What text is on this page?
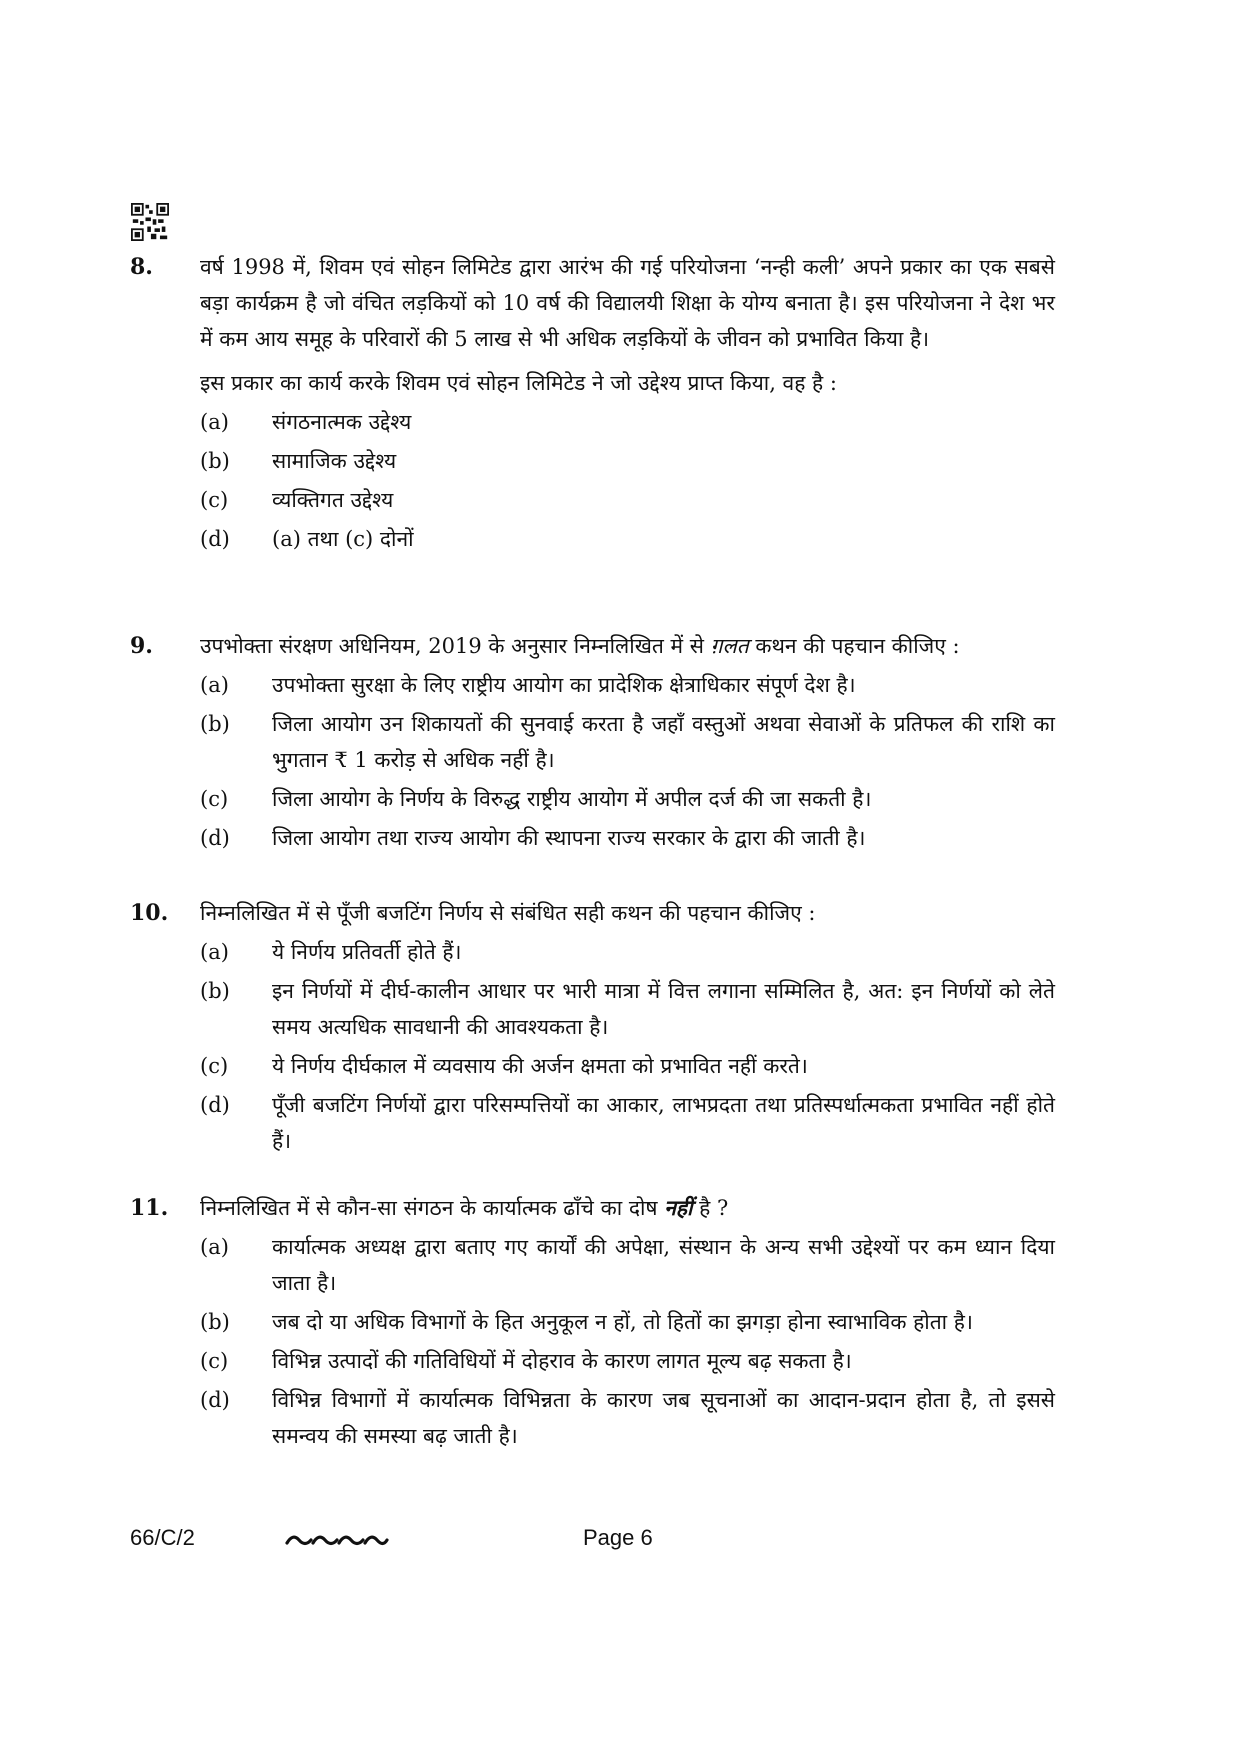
8. वर्ष 1998 में, शिवम एवं सोहन लिमिटेड द्वारा आरंभ की गई परियोजना ‘नन्ही कली’ अपने प्रकार का एक सबसे बड़ा कार्यक्रम है जो वंचित लड़कियों को 10 वर्ष की विद्यालयी शिक्षा के योग्य बनाता है। इस परियोजना ने देश भर में कम आय समूह के परिवारों की 5 लाख से भी अधिक लड़कियों के जीवन को प्रभावित किया है।

इस प्रकार का कार्य करके शिवम एवं सोहन लिमिटेड ने जो उद्देश्य प्राप्त किया, वह है :

(a)	संगठनात्मक उद्देश्य
(b)	सामाजिक उद्देश्य
(c)	व्यक्तिगत उद्देश्य
(d)	(a) तथा (c) दोनों
9. उपभोक्ता संरक्षण अधिनियम, 2019 के अनुसार निम्नलिखित में से ग़लत कथन की पहचान कीजिए :

(a)	उपभोक्ता सुरक्षा के लिए राष्ट्रीय आयोग का प्रादेशिक क्षेत्राधिकार संपूर्ण देश है।
(b)	जिला आयोग उन शिकायतों की सुनवाई करता है जहाँ वस्तुओं अथवा सेवाओं के प्रतिफल की राशि का भुगतान ₹ 1 करोड़ से अधिक नहीं है।
(c)	जिला आयोग के निर्णय के विरुद्ध राष्ट्रीय आयोग में अपील दर्ज की जा सकती है।
(d)	जिला आयोग तथा राज्य आयोग की स्थापना राज्य सरकार के द्वारा की जाती है।
10. निम्नलिखित में से पूँजी बजटिंग निर्णय से संबंधित सही कथन की पहचान कीजिए :

(a)	ये निर्णय प्रतिवर्ती होते हैं।
(b)	इन निर्णयों में दीर्घ-कालीन आधार पर भारी मात्रा में वित्त लगाना सम्मिलित है, अत: इन निर्णयों को लेते समय अत्यधिक सावधानी की आवश्यकता है।
(c)	ये निर्णय दीर्घकाल में व्यवसाय की अर्जन क्षमता को प्रभावित नहीं करते।
(d)	पूँजी बजटिंग निर्णयों द्वारा परिसम्पत्तियों का आकार, लाभप्रदता तथा प्रतिस्पर्धात्मकता प्रभावित नहीं होते हैं।
11. निम्नलिखित में से कौन-सा संगठन के कार्यात्मक ढाँचे का दोष नहीं है ?

(a)	कार्यात्मक अध्यक्ष द्वारा बताए गए कार्यों की अपेक्षा, संस्थान के अन्य सभी उद्देश्यों पर कम ध्यान दिया जाता है।
(b)	जब दो या अधिक विभागों के हित अनुकूल न हों, तो हितों का झगड़ा होना स्वाभाविक होता है।
(c)	विभिन्न उत्पादों की गतिविधियों में दोहराव के कारण लागत मूल्य बढ़ सकता है।
(d)	विभिन्न विभागों में कार्यात्मक विभिन्नता के कारण जब सूचनाओं का आदान-प्रदान होता है, तो इससे समन्वय की समस्या बढ़ जाती है।
66/C/2	Page 6
